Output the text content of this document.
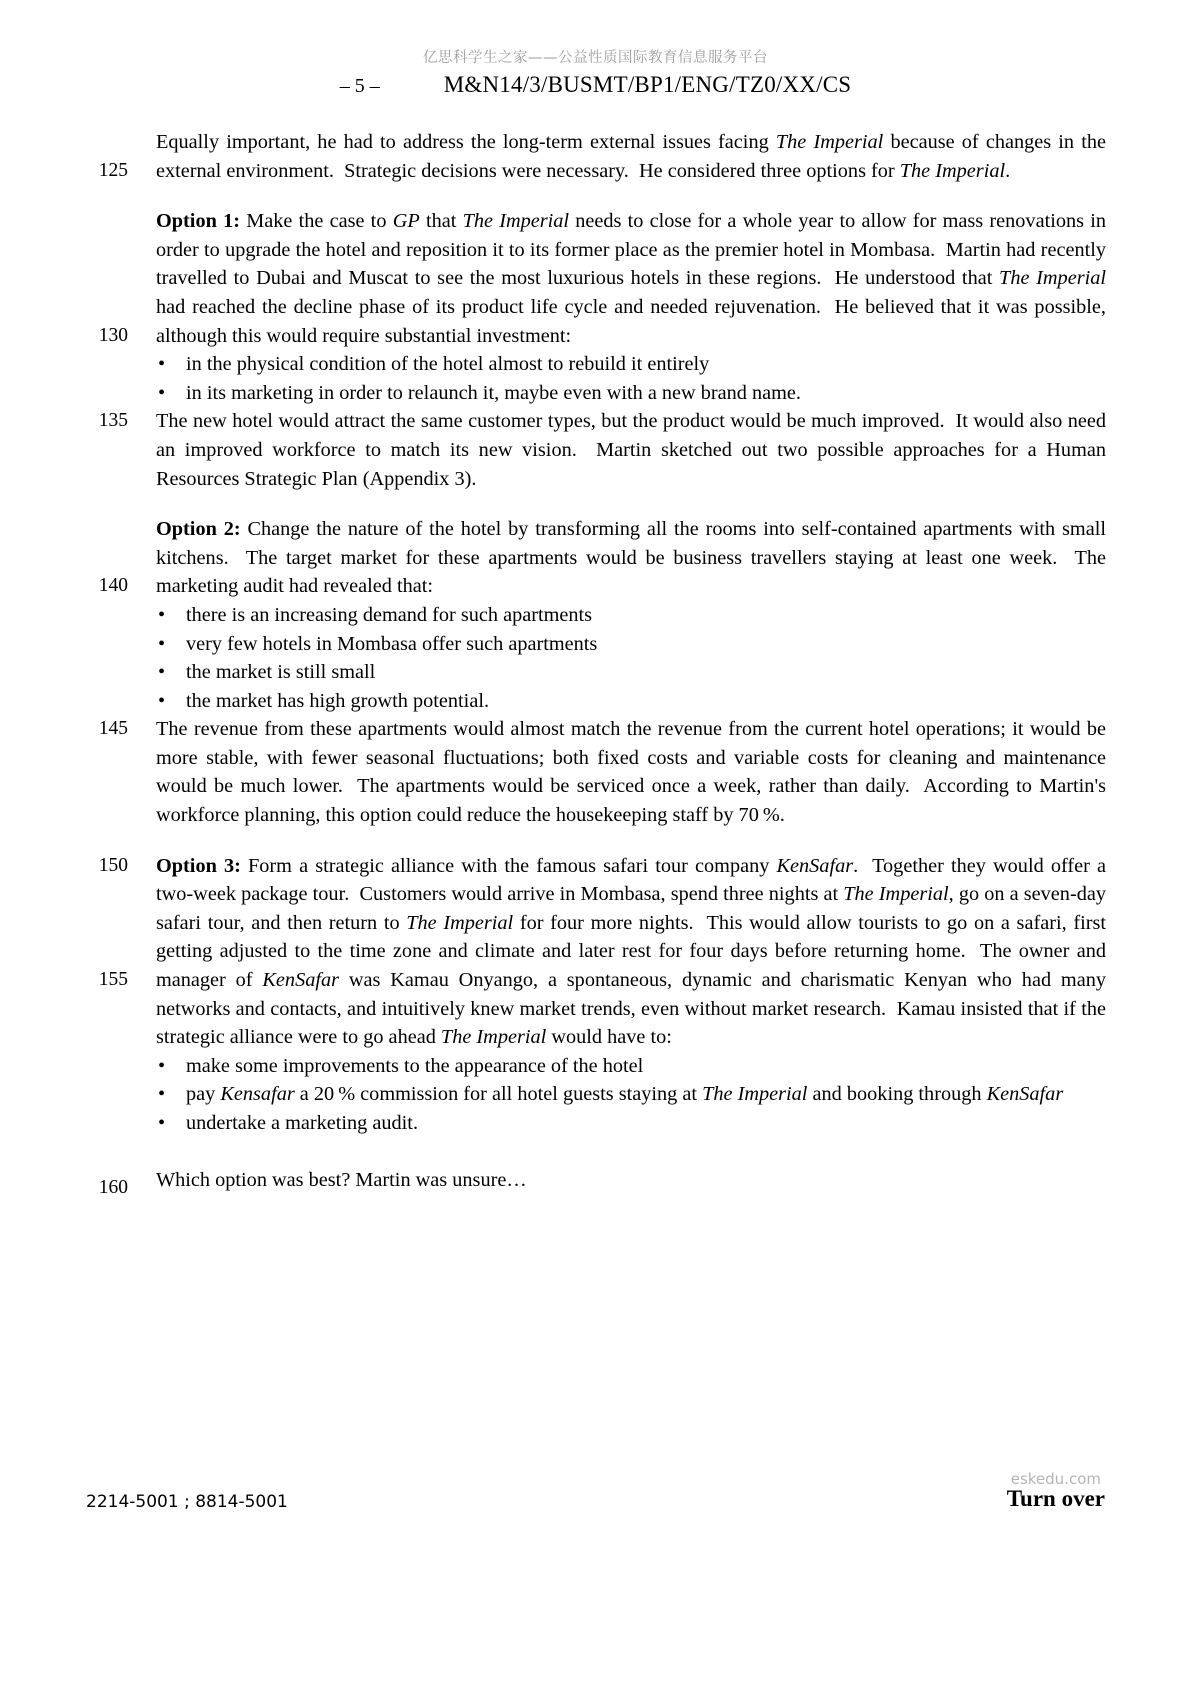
亿思科学生之家——公益性质国际教育信息服务平台
– 5 –	M&N14/3/BUSMT/BP1/ENG/TZ0/XX/CS
125

Equally important, he had to address the long-term external issues facing The Imperial because of changes in the external environment.  Strategic decisions were necessary.  He considered three options for The Imperial.

130

Option 1: Make the case to GP that The Imperial needs to close for a whole year to allow for mass renovations in order to upgrade the hotel and reposition it to its former place as the premier hotel in Mombasa.  Martin had recently travelled to Dubai and Muscat to see the most luxurious hotels in these regions.  He understood that The Imperial had reached the decline phase of its product life cycle and needed rejuvenation.  He believed that it was possible, although this would require substantial investment:

• in the physical condition of the hotel almost to rebuild it entirely
• in its marketing in order to relaunch it, maybe even with a new brand name.
135 The new hotel would attract the same customer types, but the product would be much improved.  It would also need an improved workforce to match its new vision.  Martin sketched out two possible approaches for a Human Resources Strategic Plan (Appendix 3).

140

Option 2: Change the nature of the hotel by transforming all the rooms into self-contained apartments with small kitchens.  The target market for these apartments would be business travellers staying at least one week.  The marketing audit had revealed that:

• there is an increasing demand for such apartments
• very few hotels in Mombasa offer such apartments
• the market is still small
• the market has high growth potential.
145 The revenue from these apartments would almost match the revenue from the current hotel operations; it would be more stable, with fewer seasonal fluctuations; both fixed costs and variable costs for cleaning and maintenance would be much lower.  The apartments would be serviced once a week, rather than daily.  According to Martin's workforce planning, this option could reduce the housekeeping staff by 70 %.

150
155

Option 3: Form a strategic alliance with the famous safari tour company KenSafar.  Together they would offer a two-week package tour.  Customers would arrive in Mombasa, spend three nights at The Imperial, go on a seven-day safari tour, and then return to The Imperial for four more nights.  This would allow tourists to go on a safari, first getting adjusted to the time zone and climate and later rest for four days before returning home.  The owner and manager of KenSafar was Kamau Onyango, a spontaneous, dynamic and charismatic Kenyan who had many networks and contacts, and intuitively knew market trends, even without market research.  Kamau insisted that if the strategic alliance were to go ahead The Imperial would have to:

• make some improvements to the appearance of the hotel
• pay Kensafar a 20 % commission for all hotel guests staying at The Imperial and booking through KenSafar
• undertake a marketing audit.

Which option was best? Martin was unsure…

160
2214-5001 ; 8814-5001
eskedu.com
Turn over
